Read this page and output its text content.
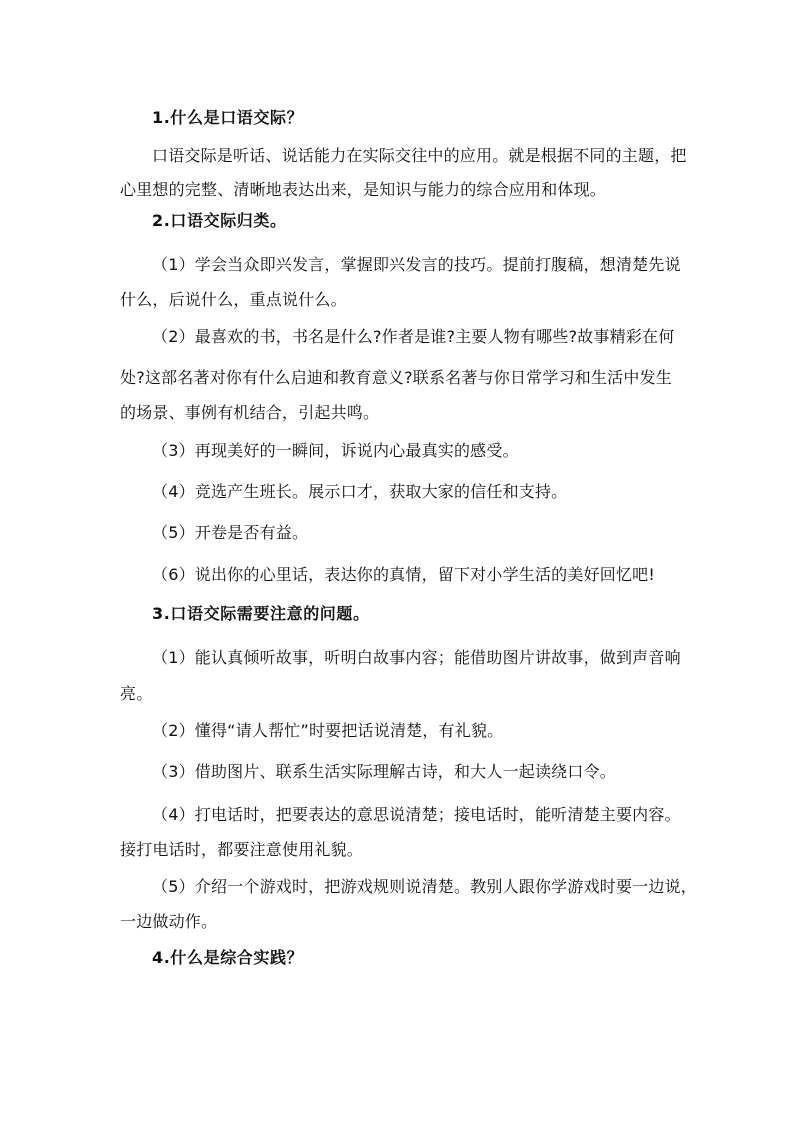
1.什么是口语交际？
口语交际是听话、说话能力在实际交往中的应用。就是根据不同的主题，把
心里想的完整、清晰地表达出来，是知识与能力的综合应用和体现。
2.口语交际归类。
（1）学会当众即兴发言，掌握即兴发言的技巧。提前打腹稿，想清楚先说
什么，后说什么，重点说什么。
（2）最喜欢的书，书名是什么?作者是谁?主要人物有哪些?故事精彩在何
处?这部名著对你有什么启迪和教育意义?联系名著与你日常学习和生活中发生
的场景、事例有机结合，引起共鸣。
（3）再现美好的一瞬间，诉说内心最真实的感受。
（4）竞选产生班长。展示口才，获取大家的信任和支持。
（5）开卷是否有益。
（6）说出你的心里话，表达你的真情，留下对小学生活的美好回忆吧!
3.口语交际需要注意的问题。
（1）能认真倾听故事，听明白故事内容；能借助图片讲故事，做到声音响
亮。
（2）懂得“请人帮忙”时要把话说清楚，有礼貌。
（3）借助图片、联系生活实际理解古诗，和大人一起读绕口令。
（4）打电话时，把要表达的意思说清楚；接电话时，能听清楚主要内容。
接打电话时，都要注意使用礼貌。
（5）介绍一个游戏时，把游戏规则说清楚。教别人跟你学游戏时要一边说，
一边做动作。
4.什么是综合实践？
